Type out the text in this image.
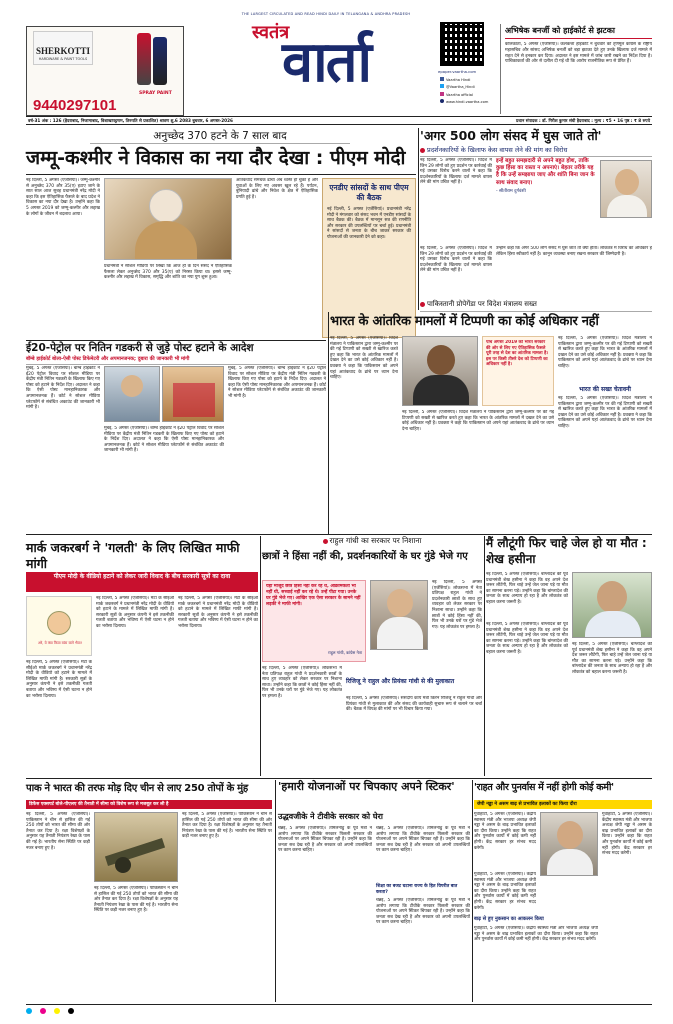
SHERKOTTI
HARDWARE & PAINT TOOLS
SPRAY PAINT
9440297101
THE LARGEST CIRCULATED AND READ HINDI DAILY IN TELANGANA & ANDHRA PRADESH
स्वतंत्र
वार्ता	epaper.vaartha.com
Vaartha Hindi
@Vaartha_Hindi
Vaartha official
www.hindi.vaartha.com
अभिषेक बनर्जी को हाईकोर्ट से झटका
कोलकाता, 5 अगस्त (एजेंसियां)। कलकत्ता हाईकोर्ट ने बुधवार को तृणमूल कांग्रेस के राष्ट्रीय महासचिव और सांसद अभिषेक बनर्जी को बड़ा झटका देते हुए उनके खिलाफ दर्ज मामले में राहत देने से इनकार कर दिया। अदालत ने इस मामले में जांच जारी रखने का निर्देश दिया है। याचिकाकर्ता की ओर से दलील दी गई थी कि आरोप राजनीतिक रूप से प्रेरित हैं।
वर्ष-31 अंक : 126 (हैदराबाद, निजामाबाद, विशाखापट्टणम, तिरुपति से प्रकाशित) श्रावण शु.6 2083 बुधवार, 6 अगस्त-2026	प्रधान संपादक : डॉ. गिरीश कुमार संघी हैदराबाद : मूल्य : ₹5 • 16 पृष्ठ : ₹ 8 रुपये
अनुच्छेद 370 हटने के 7 साल बाद
जम्मू-कश्मीर ने विकास का नया दौर देखा : पीएम मोदी
नई दिल्ली, 5 अगस्त (एजेंसियां)। जम्मू-कश्मीर से अनुच्छेद 370 और 35(ए) हटाए जाने के सात साल आज सुबह प्रधानमंत्री नरेंद्र मोदी ने कहा कि इस ऐतिहासिक फैसले के बाद प्रदेश ने विकास का नया दौर देखा है। उन्होंने कहा कि 5 अगस्त 2019 को जम्मू-कश्मीर और लद्दाख के लोगों के जीवन में बदलाव आया।
प्रधानमंत्री ने सोशल मीडिया पर लिखा कि आज ही के दिन संसद ने ऐतिहासिक फैसला लेकर अनुच्छेद 370 और 35(ए) को निरस्त किया था। इससे जम्मू-कश्मीर और लद्दाख में विकास, समृद्धि और शांति का नया युग शुरू हुआ।
आतंकवाद समर्थक ढांचा अब ध्वस्त हो चुका है और युवाओं के लिए नए अवसर खुल रहे हैं। पर्यटन, बुनियादी ढांचे और निवेश के क्षेत्र में ऐतिहासिक प्रगति हुई है।
एनडीए सांसदों के साथ पीएम की बैठक
नई दिल्ली, 5 अगस्त (एजेंसियां)। प्रधानमंत्री नरेंद्र मोदी ने मंगलवार को संसद भवन में एनडीए सांसदों के साथ बैठक की। बैठक में मानसून सत्र की रणनीति और सरकार की उपलब्धियों पर चर्चा हुई। प्रधानमंत्री ने सांसदों से जनता के बीच जाकर सरकार की योजनाओं की जानकारी देने को कहा।
'अगर 500 लोग संसद में घुस जाते तो'
प्रदर्शनकारियों के खिलाफ केस वापस लेने की मांग का विरोध
नई दिल्ली, 5 अगस्त (एजेंसियां)। विदेश में जिन 29 लोगों को हुए प्रदर्शन पर कार्रवाई की गई उसका विरोध करने वालों ने कहा कि प्रदर्शनकारियों के खिलाफ दर्ज मामले वापस लेने की मांग उचित नहीं है।
इन्हें बहुत समझदारी से अपने बहुत होश, ताकि कुछ हिंसा का रास्ता न अपनाएं। बेहतर तरीके यह है कि उन्हें समझाया जाए और शांति बिना जान के साथ संवाद बनाए।
- सीतीराम दुर्गवंशी
उन्होंने कहा कि अगर 500 लोग संसद में घुस जाते तो क्या होता। लोकतंत्र में विरोध का अधिकार है लेकिन हिंसा स्वीकार्य नहीं है। कानून व्यवस्था बनाए रखना सरकार की जिम्मेदारी है।
नई दिल्ली, 5 अगस्त (एजेंसियां)। विदेश में जिन 29 लोगों को हुए प्रदर्शन पर कार्रवाई की गई उसका विरोध करने वालों ने कहा कि प्रदर्शनकारियों के खिलाफ दर्ज मामले वापस लेने की मांग उचित नहीं है।
पाकिस्तानी प्रोपेगेंडा पर विदेश मंत्रालय सख्त
ई20-पेट्रोल पर नितिन गडकरी से जुड़े पोस्ट हटाने के आदेश
बॉम्बे हाईकोर्ट बोला-ऐसी पोस्ट डिफेमेटरी और अपमानजनक; दुबारा की जानकारी भी मांगी
मुंबई, 5 अगस्त (एजेंसियां)। बॉम्बे हाईकोर्ट ने ई20 पेट्रोल विवाद पर सोशल मीडिया पर केंद्रीय मंत्री नितिन गडकरी के खिलाफ किए गए पोस्ट को हटाने के निर्देश दिए। अदालत ने कहा कि ऐसी पोस्ट मानहानिकारक और अपमानजनक हैं। कोर्ट ने सोशल मीडिया प्लेटफॉर्म से संबंधित अकाउंट की जानकारी भी मांगी है।
मुंबई, 5 अगस्त (एजेंसियां)। बॉम्बे हाईकोर्ट ने ई20 पेट्रोल विवाद पर सोशल मीडिया पर केंद्रीय मंत्री नितिन गडकरी के खिलाफ किए गए पोस्ट को हटाने के निर्देश दिए। अदालत ने कहा कि ऐसी पोस्ट मानहानिकारक और अपमानजनक हैं। कोर्ट ने सोशल मीडिया प्लेटफॉर्म से संबंधित अकाउंट की जानकारी भी मांगी है।
मुंबई, 5 अगस्त (एजेंसियां)। बॉम्बे हाईकोर्ट ने ई20 पेट्रोल विवाद पर सोशल मीडिया पर केंद्रीय मंत्री नितिन गडकरी के खिलाफ किए गए पोस्ट को हटाने के निर्देश दिए। अदालत ने कहा कि ऐसी पोस्ट मानहानिकारक और अपमानजनक हैं। कोर्ट ने सोशल मीडिया प्लेटफॉर्म से संबंधित अकाउंट की जानकारी भी मांगी है।
भारत के आंतरिक मामलों में टिप्पणी का कोई अधिकार नहीं
नई दिल्ली, 5 अगस्त (एजेंसियां)। विदेश मंत्रालय ने पाकिस्तान द्वारा जम्मू-कश्मीर पर की गई टिप्पणी को सख्ती से खारिज करते हुए कहा कि भारत के आंतरिक मामलों में दखल देने का उसे कोई अधिकार नहीं है। प्रवक्ता ने कहा कि पाकिस्तान को अपने यहां आतंकवाद के ढांचे पर ध्यान देना चाहिए।
पांच अगस्त 2019 को भारत सरकार की ओर से लिए गए ऐतिहासिक फैसले पूरी तरह से देश का आंतरिक मामला है। इस पर किसी तीसरे देश को टिप्पणी का अधिकार नहीं है।
नई दिल्ली, 5 अगस्त (एजेंसियां)। विदेश मंत्रालय ने पाकिस्तान द्वारा जम्मू-कश्मीर पर की गई टिप्पणी को सख्ती से खारिज करते हुए कहा कि भारत के आंतरिक मामलों में दखल देने का उसे कोई अधिकार नहीं है। प्रवक्ता ने कहा कि पाकिस्तान को अपने यहां आतंकवाद के ढांचे पर ध्यान देना चाहिए।
नई दिल्ली, 5 अगस्त (एजेंसियां)। विदेश मंत्रालय ने पाकिस्तान द्वारा जम्मू-कश्मीर पर की गई टिप्पणी को सख्ती से खारिज करते हुए कहा कि भारत के आंतरिक मामलों में दखल देने का उसे कोई अधिकार नहीं है। प्रवक्ता ने कहा कि पाकिस्तान को अपने यहां आतंकवाद के ढांचे पर ध्यान देना चाहिए।
भारत की सख्त चेतावनी
नई दिल्ली, 5 अगस्त (एजेंसियां)। विदेश मंत्रालय ने पाकिस्तान द्वारा जम्मू-कश्मीर पर की गई टिप्पणी को सख्ती से खारिज करते हुए कहा कि भारत के आंतरिक मामलों में दखल देने का उसे कोई अधिकार नहीं है। प्रवक्ता ने कहा कि पाकिस्तान को अपने यहां आतंकवाद के ढांचे पर ध्यान देना चाहिए।
मार्क जकरबर्ग ने 'गलती' के लिए लिखित माफी मांगी
पीएम मोदी के वीडियो हटाने को लेकर जारी विवाद के बीच सरकारी सूत्रों का दावा
अरे, ये क्या किया बांटा वाले भैया!
नई दिल्ली, 5 अगस्त (एजेंसियां)। मेटा के सीईओ मार्क जकरबर्ग ने प्रधानमंत्री नरेंद्र मोदी के वीडियो को हटाने के मामले में लिखित माफी मांगी है। सरकारी सूत्रों के अनुसार कंपनी ने इसे तकनीकी गलती बताया और भविष्य में ऐसी घटना न होने का भरोसा दिलाया।
नई दिल्ली, 5 अगस्त (एजेंसियां)। मेटा के सीईओ मार्क जकरबर्ग ने प्रधानमंत्री नरेंद्र मोदी के वीडियो को हटाने के मामले में लिखित माफी मांगी है। सरकारी सूत्रों के अनुसार कंपनी ने इसे तकनीकी गलती बताया और भविष्य में ऐसी घटना न होने का भरोसा दिलाया।
नई दिल्ली, 5 अगस्त (एजेंसियां)। मेटा के सीईओ मार्क जकरबर्ग ने प्रधानमंत्री नरेंद्र मोदी के वीडियो को हटाने के मामले में लिखित माफी मांगी है। सरकारी सूत्रों के अनुसार कंपनी ने इसे तकनीकी गलती बताया और भविष्य में ऐसी घटना न होने का भरोसा दिलाया।
राहुल गांधी का सरकार पर निशाना
छात्रों ने हिंसा नहीं की, प्रदर्शनकारियों के घर गुंडे भेजे गए
यहां मौजूद छात्र हिंसा नहीं कर रहे थे, आक्रामकता भी नहीं थी, सच्चाई नहीं कर रहे थे। उन्हें पीटा गया। उनके घर गुंडे भेजे गए। आखिर एक ऐसा सरकार के सामने नहीं लड़की ने माफी मांगी।
राहुल गांधी, कांग्रेस नेता
नई दिल्ली, 5 अगस्त (एजेंसियां)। लोकसभा में नेता प्रतिपक्ष राहुल गांधी ने प्रदर्शनकारी छात्रों के साथ हुए व्यवहार को लेकर सरकार पर निशाना साधा। उन्होंने कहा कि छात्रों ने कोई हिंसा नहीं की, फिर भी उनके घरों पर गुंडे भेजे गए। यह लोकतंत्र पर हमला है।
नई दिल्ली, 5 अगस्त (एजेंसियां)। लोकसभा में नेता प्रतिपक्ष राहुल गांधी ने प्रदर्शनकारी छात्रों के साथ हुए व्यवहार को लेकर सरकार पर निशाना साधा। उन्होंने कहा कि छात्रों ने कोई हिंसा नहीं की, फिर भी उनके घरों पर गुंडे भेजे गए। यह लोकतंत्र पर हमला है।
रिजिजू ने राहुल और प्रियंका गांधी से की मुलाकात
नई दिल्ली, 5 अगस्त (एजेंसियां)। संसदीय कार्य मंत्री किरेन रिजिजू ने राहुल गांधी और प्रियंका गांधी से मुलाकात की और संसद की कार्यवाही सुचारु रूप से चलाने पर चर्चा की। बैठक में विपक्ष की मांगों पर भी विचार किया गया।
मैं लौटूंगी फिर चाहे जेल हो या मौत : शेख हसीना
नई दिल्ली, 5 अगस्त (एजेंसियां)। बांग्लादेश की पूर्व प्रधानमंत्री शेख हसीना ने कहा कि वह अपने देश जरूर लौटेंगी, फिर चाहे उन्हें जेल जाना पड़े या मौत का सामना करना पड़े। उन्होंने कहा कि बांग्लादेश की जनता के साथ अन्याय हो रहा है और लोकतंत्र को बहाल करना जरूरी है।
नई दिल्ली, 5 अगस्त (एजेंसियां)। बांग्लादेश की पूर्व प्रधानमंत्री शेख हसीना ने कहा कि वह अपने देश जरूर लौटेंगी, फिर चाहे उन्हें जेल जाना पड़े या मौत का सामना करना पड़े। उन्होंने कहा कि बांग्लादेश की जनता के साथ अन्याय हो रहा है और लोकतंत्र को बहाल करना जरूरी है।
नई दिल्ली, 5 अगस्त (एजेंसियां)। बांग्लादेश की पूर्व प्रधानमंत्री शेख हसीना ने कहा कि वह अपने देश जरूर लौटेंगी, फिर चाहे उन्हें जेल जाना पड़े या मौत का सामना करना पड़े। उन्होंने कहा कि बांग्लादेश की जनता के साथ अन्याय हो रहा है और लोकतंत्र को बहाल करना जरूरी है।
पाक ने भारत की तरफ मोड़ दिए चीन से लाए 250 तोपों के मुंह
डिफेंस एक्सपर्ट बोले-पीएलए की तैनाती में सीमा को विशेष रूप से मजबूत कर ली है
नई दिल्ली, 5 अगस्त (एजेंसियां)। पाकिस्तान ने चीन से हासिल की गई 250 तोपों को भारत की सीमा की ओर तैनात कर दिया है। रक्षा विशेषज्ञों के अनुसार यह तैनाती नियंत्रण रेखा के पास की गई है। भारतीय सेना स्थिति पर कड़ी नजर बनाए हुए है।
नई दिल्ली, 5 अगस्त (एजेंसियां)। पाकिस्तान ने चीन से हासिल की गई 250 तोपों को भारत की सीमा की ओर तैनात कर दिया है। रक्षा विशेषज्ञों के अनुसार यह तैनाती नियंत्रण रेखा के पास की गई है। भारतीय सेना स्थिति पर कड़ी नजर बनाए हुए है।
नई दिल्ली, 5 अगस्त (एजेंसियां)। पाकिस्तान ने चीन से हासिल की गई 250 तोपों को भारत की सीमा की ओर तैनात कर दिया है। रक्षा विशेषज्ञों के अनुसार यह तैनाती नियंत्रण रेखा के पास की गई है। भारतीय सेना स्थिति पर कड़ी नजर बनाए हुए है।
'हमारी योजनाओं पर चिपकाए अपने स्टिकर'
उद्धवजीके ने टीवीके सरकार को घेरा
चेन्नई, 5 अगस्त (एजेंसियां)। तमिलनाडु के पूर्व मंत्री ने आरोप लगाया कि टीवीके सरकार पिछली सरकार की योजनाओं पर अपने स्टिकर चिपका रही है। उन्होंने कहा कि जनता सब देख रही है और सरकार को अपनी उपलब्धियों पर काम करना चाहिए।
चेन्नई, 5 अगस्त (एजेंसियां)। तमिलनाडु के पूर्व मंत्री ने आरोप लगाया कि टीवीके सरकार पिछली सरकार की योजनाओं पर अपने स्टिकर चिपका रही है। उन्होंने कहा कि जनता सब देख रही है और सरकार को अपनी उपलब्धियों पर काम करना चाहिए।
शिक्षा का बजट घटाना राज्य के हित विपरीत बात करता?
चेन्नई, 5 अगस्त (एजेंसियां)। तमिलनाडु के पूर्व मंत्री ने आरोप लगाया कि टीवीके सरकार पिछली सरकार की योजनाओं पर अपने स्टिकर चिपका रही है। उन्होंने कहा कि जनता सब देख रही है और सरकार को अपनी उपलब्धियों पर काम करना चाहिए।
'राहत और पुनर्वास में नहीं होगी कोई कमी'
जेपी नड्डा ने असम बाढ़ से प्रभावित इलाकों का किया दौरा
गुवाहाटी, 5 अगस्त (एजेंसियां)। केंद्रीय स्वास्थ्य मंत्री और भाजपा अध्यक्ष जेपी नड्डा ने असम के बाढ़ प्रभावित इलाकों का दौरा किया। उन्होंने कहा कि राहत और पुनर्वास कार्यों में कोई कमी नहीं होगी। केंद्र सरकार हर संभव मदद करेगी।
गुवाहाटी, 5 अगस्त (एजेंसियां)। केंद्रीय स्वास्थ्य मंत्री और भाजपा अध्यक्ष जेपी नड्डा ने असम के बाढ़ प्रभावित इलाकों का दौरा किया। उन्होंने कहा कि राहत और पुनर्वास कार्यों में कोई कमी नहीं होगी। केंद्र सरकार हर संभव मदद करेगी।
गुवाहाटी, 5 अगस्त (एजेंसियां)। केंद्रीय स्वास्थ्य मंत्री और भाजपा अध्यक्ष जेपी नड्डा ने असम के बाढ़ प्रभावित इलाकों का दौरा किया। उन्होंने कहा कि राहत और पुनर्वास कार्यों में कोई कमी नहीं होगी। केंद्र सरकार हर संभव मदद करेगी।
बाढ़ से हुए नुकसान का आकलन किया
गुवाहाटी, 5 अगस्त (एजेंसियां)। केंद्रीय स्वास्थ्य मंत्री और भाजपा अध्यक्ष जेपी नड्डा ने असम के बाढ़ प्रभावित इलाकों का दौरा किया। उन्होंने कहा कि राहत और पुनर्वास कार्यों में कोई कमी नहीं होगी। केंद्र सरकार हर संभव मदद करेगी।
